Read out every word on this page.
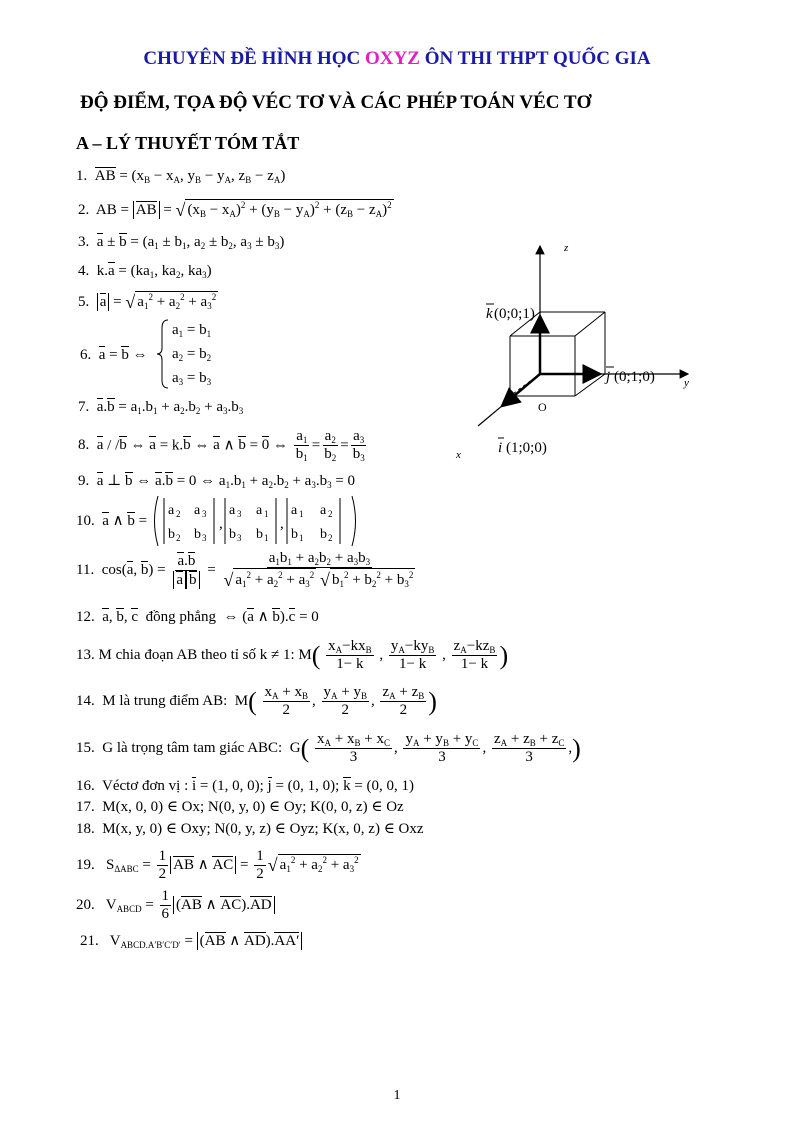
CHUYÊN ĐỀ HÌNH HỌC OXYZ ÔN THI THPT QUỐC GIA
ĐỘ ĐIỂM, TỌA ĐỘ VÉC TƠ VÀ CÁC PHÉP TOÁN VÉC TƠ
A – LÝ THUYẾT TÓM TẮT
1. AB = ($x_B - x_A$, $y_B - y_A$, $z_B - z_A$)
2.  AB = AB = √ $(x_B - x_A)^2 + (y_B - y_A)^2 + (z_B - z_A)^2$
3. $a \pm b = (a_1 \pm b_1$, $a_2 \pm b_2$, $a_3 \pm b_3$)
4.  $k.a = (ka_1$, $ka_2$, $ka_3$)
5. a = √ $a_1^2 + a_2^2 + a_3^2$
6. a = b ⇔
$a_1 = b_1$
$a_2 = b_2$
$a_3 = b_3$
7. $a.b = a_1.b_1 + a_2.b_2 + a_3.b_3$
8. a / /b ⇔ a = k.b ⇔ a ∧ b = 0 ⇔ $\frac{a_1}{b_1} = \frac{a_2}{b_2} = \frac{a_3}{b_3}$
9. a ⊥ b ⇔ a.b = 0 ⇔ $a_1.b_1 + a_2.b_2 + a_3.b_3 = 0$
10. a ∧ b =	,	,
a 2 a 3
b 2 b 3
a 3 a 1
b 3 b 1
a 1 a 2
b 1 b 2
11.  cos(a, $b) = \frac{a.b}{\text{a b}} = \frac{a_1b_1 + a_2b_2 + a_3b_3}{√ a_1^2 + a_2^2 + a_3^2 √ b_1^2 + b_2^2 + b_3^2}$
12. a, b, c đồng phẳng  ⇔ (a ∧ b).c = 0
13. M chia đoạn AB theo tỉ số k ≠ 1: $M( \frac{x_A-kx_B}{1- k}$ , $\frac{y_A-ky_B}{1- k}$ , $\frac{z_A-kz_B}{1- k}$ )
14. M là trung điểm AB:  $M( \frac{x_A + x_B}{2}$ , $\frac{y_A + y_B}{2}$ , $\frac{z_A + z_B}{2}$ )
15. G là trọng tâm tam giác ABC:  $G( \frac{x_A + x_B + x_C}{3}$ , $\frac{y_A + y_B + y_C}{3}$ , $\frac{z_A + z_B + z_C}{3}$ ,)
16. Véctơ đơn vị : i = (1, 0, 0); j = (0, 1, 0); k = (0, 0, 1)
17. M(x, 0, 0) ∈ Ox; N(0, y, 0) ∈ Oy; K(0, 0, z) ∈ Oz
18. M(x, y, 0) ∈ Oxy; N(0, y, z) ∈ Oyz; K(x, 0, z) ∈ Oxz
19.   $S_{\Delta ABC} = \frac{1}{2}$ AB ∧ AC = $\frac{1}{2}$ √ $a_1^2 + a_2^2 + a_3^2$
20.   $V_{ABCD} = \frac{1}{6} (AB$ ∧ AC).AD
21.   $V_{ABCD.A'B'C'D'} = (AB$ ∧ AD).AA′
z
y
x
O
k (0;0;1)
j (0;1;0)
i (1;0;0)
1
